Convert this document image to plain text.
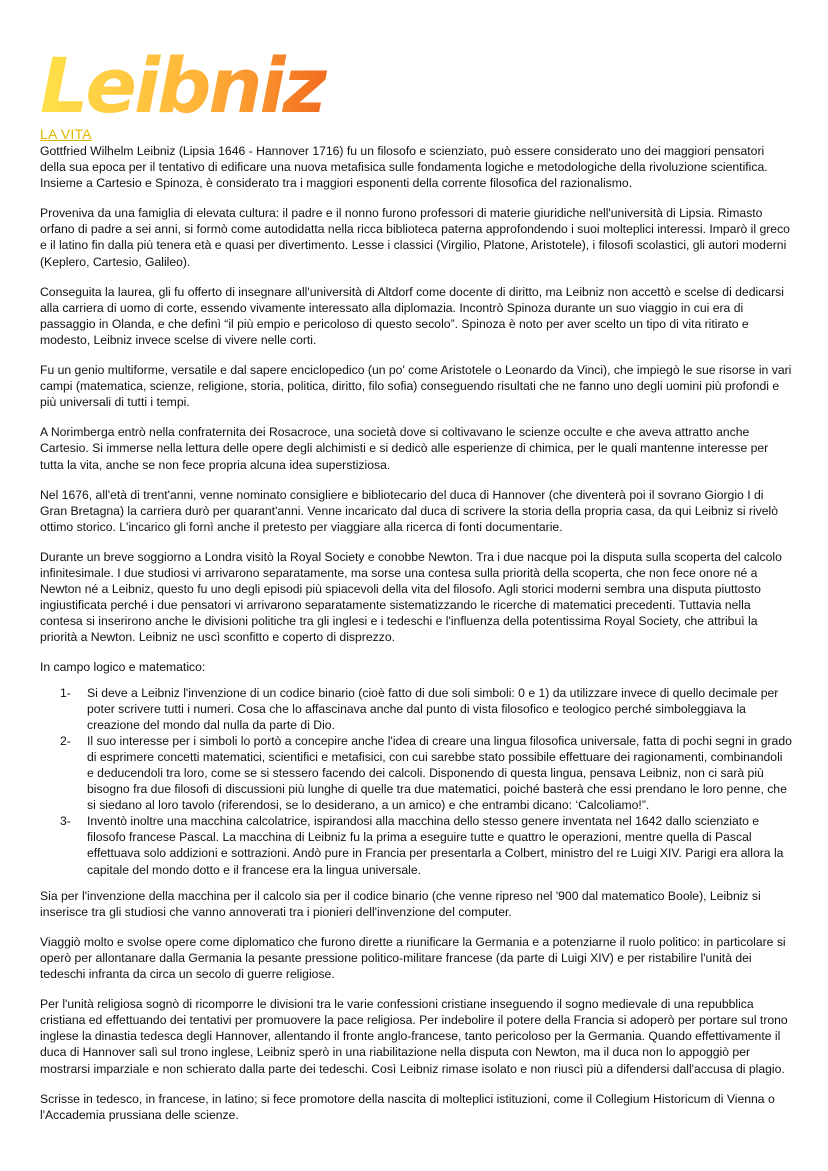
Leibniz
LA VITA

Gottfried Wilhelm Leibniz (Lipsia 1646 - Hannover 1716) fu un filosofo e scienziato, può essere considerato uno dei maggiori pensatori della sua epoca per il tentativo di edificare una nuova metafisica sulle fondamenta logiche e metodologiche della rivoluzione scientifica. Insieme a Cartesio e Spinoza, è considerato tra i maggiori esponenti della corrente filosofica del razionalismo.

Proveniva da una famiglia di elevata cultura: il padre e il nonno furono professori di materie giuridiche nell'università di Lipsia. Rimasto orfano di padre a sei anni, si formò come autodidatta nella ricca biblioteca paterna approfondendo i suoi molteplici interessi. Imparò il greco e il latino fin dalla più tenera età e quasi per divertimento. Lesse i classici (Virgilio, Platone, Aristotele), i filosofi scolastici, gli autori moderni (Keplero, Cartesio, Galileo).

Conseguita la laurea, gli fu offerto di insegnare all'università di Altdorf come docente di diritto, ma Leibniz non accettò e scelse di dedicarsi alla carriera di uomo di corte, essendo vivamente interessato alla diplomazia. Incontrò Spinoza durante un suo viaggio in cui era di passaggio in Olanda, e che definì “il più empio e pericoloso di questo secolo”. Spinoza è noto per aver scelto un tipo di vita ritirato e modesto, Leibniz invece scelse di vivere nelle corti.

Fu un genio multiforme, versatile e dal sapere enciclopedico (un po' come Aristotele o Leonardo da Vinci), che impiegò le sue risorse in vari campi (matematica, scienze, religione, storia, politica, diritto, filo sofia) conseguendo risultati che ne fanno uno degli uomini più profondi e più universali di tutti i tempi.

A Norimberga entrò nella confraternita dei Rosacroce, una società dove si coltivavano le scienze occulte e che aveva attratto anche Cartesio. Si immerse nella lettura delle opere degli alchimisti e si dedicò alle esperienze di chimica, per le quali mantenne interesse per tutta la vita, anche se non fece propria alcuna idea superstiziosa.

Nel 1676, all'età di trent'anni, venne nominato consigliere e bibliotecario del duca di Hannover (che diventerà poi il sovrano Giorgio I di Gran Bretagna) la carriera durò per quarant'anni. Venne incaricato dal duca di scrivere la storia della propria casa, da qui Leibniz si rivelò ottimo storico. L'incarico gli fornì anche il pretesto per viaggiare alla ricerca di fonti documentarie.

Durante un breve soggiorno a Londra visitò la Royal Society e conobbe Newton. Tra i due nacque poi la disputa sulla scoperta del calcolo infinitesimale. I due studiosi vi arrivarono separatamente, ma sorse una contesa sulla priorità della scoperta, che non fece onore né a Newton né a Leibniz, questo fu uno degli episodi più spiacevoli della vita del filosofo. Agli storici moderni sembra una disputa piuttosto ingiustificata perché i due pensatori vi arrivarono separatamente sistematizzando le ricerche di matematici precedenti. Tuttavia nella contesa si inserirono anche le divisioni politiche tra gli inglesi e i tedeschi e l'influenza della potentissima Royal Society, che attribuì la priorità a Newton. Leibniz ne uscì sconfitto e coperto di disprezzo.

In campo logico e matematico:

1-	Si deve a Leibniz l'invenzione di un codice binario (cioè fatto di due soli simboli: 0 e 1) da utilizzare invece di quello decimale per poter scrivere tutti i numeri. Cosa che lo affascinava anche dal punto di vista filosofico e teologico perché simboleggiava la creazione del mondo dal nulla da parte di Dio.
2-	Il suo interesse per i simboli lo portò a concepire anche l'idea di creare una lingua filosofica universale, fatta di pochi segni in grado di esprimere concetti matematici, scientifici e metafisici, con cui sarebbe stato possibile effettuare dei ragionamenti, combinandoli e deducendoli tra loro, come se si stessero facendo dei calcoli. Disponendo di questa lingua, pensava Leibniz, non ci sarà più bisogno fra due filosofi di discussioni più lunghe di quelle tra due matematici, poiché basterà che essi prendano le loro penne, che si siedano al loro tavolo (riferendosi, se lo desiderano, a un amico) e che entrambi dicano: ‘Calcoliamo!”.
3-	Inventò inoltre una macchina calcolatrice, ispirandosi alla macchina dello stesso genere inventata nel 1642 dallo scienziato e filosofo francese Pascal. La macchina di Leibniz fu la prima a eseguire tutte e quattro le operazioni, mentre quella di Pascal effettuava solo addizioni e sottrazioni. Andò pure in Francia per presentarla a Colbert, ministro del re Luigi XIV. Parigi era allora la capitale del mondo dotto e il francese era la lingua universale.

Sia per l'invenzione della macchina per il calcolo sia per il codice binario (che venne ripreso nel '900 dal matematico Boole), Leibniz si inserisce tra gli studiosi che vanno annoverati tra i pionieri dell'invenzione del computer.

Viaggiò molto e svolse opere come diplomatico che furono dirette a riunificare la Germania e a potenziarne il ruolo politico: in particolare si operò per allontanare dalla Germania la pesante pressione politico-militare francese (da parte di Luigi XIV) e per ristabilire l'unità dei tedeschi infranta da circa un secolo di guerre religiose.

Per l'unità religiosa sognò di ricomporre le divisioni tra le varie confessioni cristiane inseguendo il sogno medievale di una repubblica cristiana ed effettuando dei tentativi per promuovere la pace religiosa. Per indebolire il potere della Francia si adoperò per portare sul trono inglese la dinastia tedesca degli Hannover, allentando il fronte anglo-francese, tanto pericoloso per la Germania. Quando effettivamente il duca di Hannover salì sul trono inglese, Leibniz sperò in una riabilitazione nella disputa con Newton, ma il duca non lo appoggiò per mostrarsi imparziale e non schierato dalla parte dei tedeschi. Così Leibniz rimase isolato e non riuscì più a difendersi dall'accusa di plagio.

Scrisse in tedesco, in francese, in latino; si fece promotore della nascita di molteplici istituzioni, come il Collegium Historicum di Vienna o l'Accademia prussiana delle scienze.
